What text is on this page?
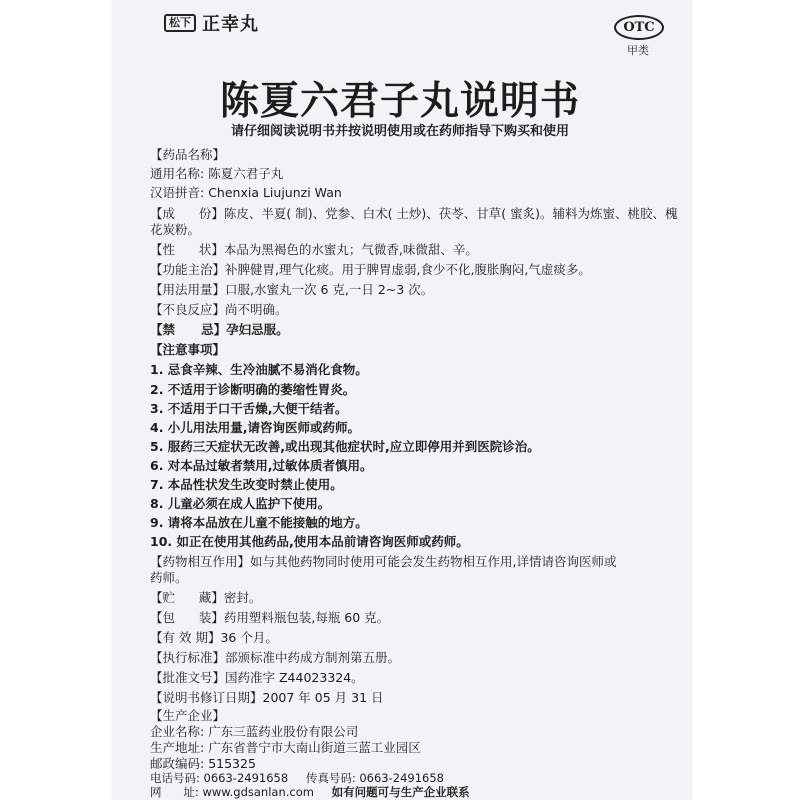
松下 正幸丸	OTC
甲类
陈夏六君子丸说明书
请仔细阅读说明书并按说明使用或在药师指导下购买和使用
【药品名称】
通用名称: 陈夏六君子丸
汉语拼音: Chenxia Liujunzi Wan
【成      份】陈皮、半夏( 制)、党参、白术( 土炒)、茯苓、甘草( 蜜炙)。辅料为炼蜜、桃胶、槐
花炭粉。
【性      状】本品为黑褐色的水蜜丸；气微香,味微甜、辛。
【功能主治】补脾健胃,理气化痰。用于脾胃虚弱,食少不化,腹胀胸闷,气虚痰多。
【用法用量】口服,水蜜丸一次 6 克,一日 2~3 次。
【不良反应】尚不明确。
【禁      忌】孕妇忌服。
【注意事项】
1. 忌食辛辣、生冷油腻不易消化食物。
2. 不适用于诊断明确的萎缩性胃炎。
3. 不适用于口干舌燥,大便干结者。
4. 小儿用法用量,请咨询医师或药师。
5. 服药三天症状无改善,或出现其他症状时,应立即停用并到医院诊治。
6. 对本品过敏者禁用,过敏体质者慎用。
7. 本品性状发生改变时禁止使用。
8. 儿童必须在成人监护下使用。
9. 请将本品放在儿童不能接触的地方。
10. 如正在使用其他药品,使用本品前请咨询医师或药师。
【药物相互作用】如与其他药物同时使用可能会发生药物相互作用,详情请咨询医师或
药师。
【贮      藏】密封。
【包      装】药用塑料瓶包装,每瓶 60 克。
【有 效 期】36 个月。
【执行标准】部颁标准中药成方制剂第五册。
【批准文号】国药准字 Z44023324。
【说明书修订日期】2007 年 05 月 31 日
【生产企业】
企业名称: 广东三蓝药业股份有限公司
生产地址: 广东省普宁市大南山街道三蓝工业园区
邮政编码: 515325
电话号码: 0663-2491658 传真号码: 0663-2491658
网      址: www.gdsanlan.com 如有问题可与生产企业联系
